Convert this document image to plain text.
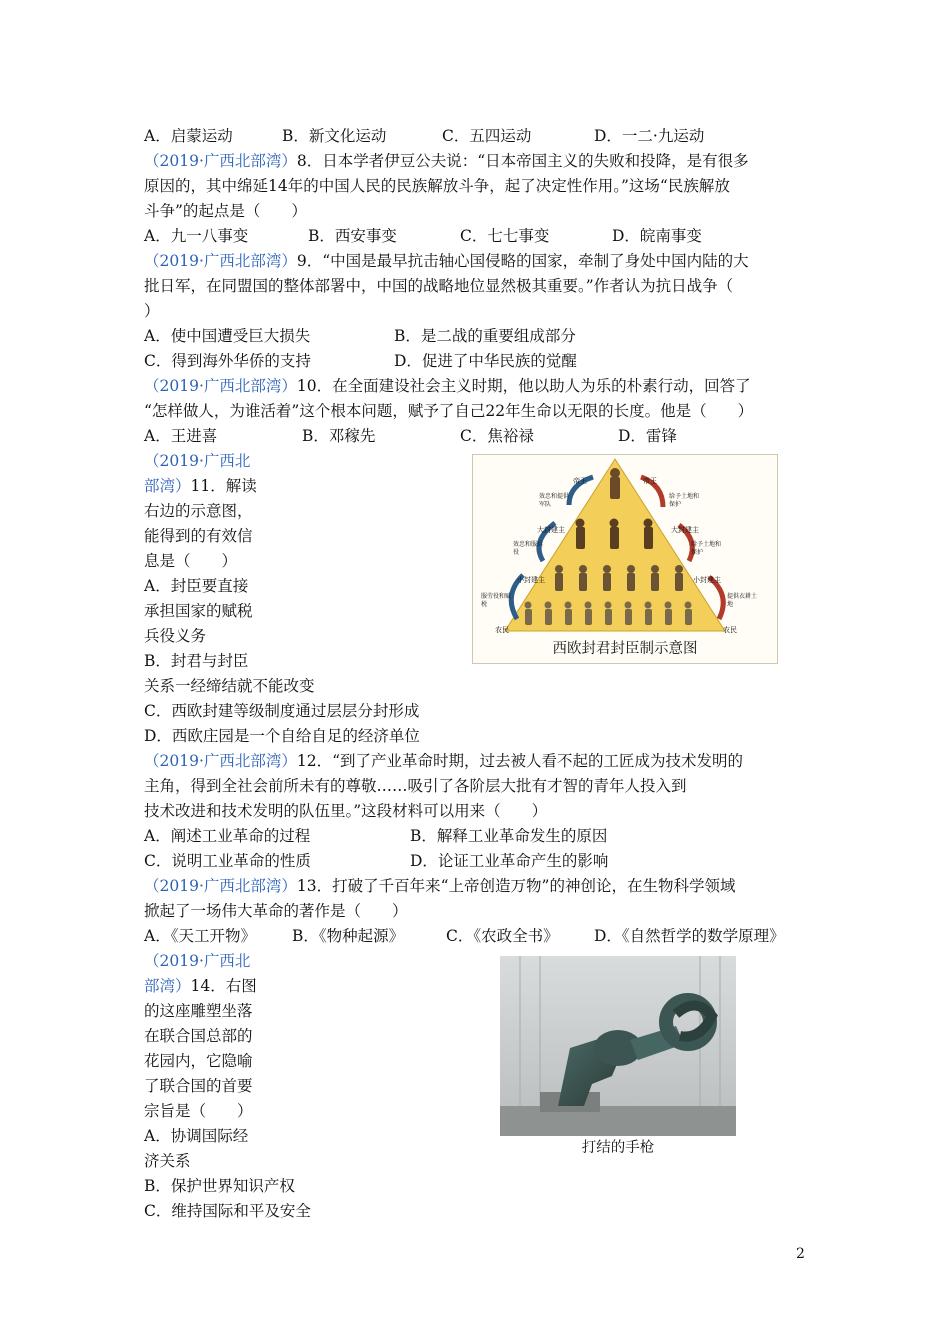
A．启蒙运动	B．新文化运动	C．五四运动	D．一二·九运动
（2019·广西北部湾）8．日本学者伊豆公夫说：“日本帝国主义的失败和投降，是有很多
原因的，其中绵延14年的中国人民的民族解放斗争，起了决定性作用。”这场“民族解放
斗争”的起点是（　　）
A．九一八事变	B．西安事变	C．七七事变	D．皖南事变
（2019·广西北部湾）9．“中国是最早抗击轴心国侵略的国家，牵制了身处中国内陆的大
批日军，在同盟国的整体部署中，中国的战略地位显然极其重要。”作者认为抗日战争（
）
A．使中国遭受巨大损失	B．是二战的重要组成部分
C．得到海外华侨的支持	D．促进了中华民族的觉醒
（2019·广西北部湾）10．在全面建设社会主义时期，他以助人为乐的朴素行动，回答了
“怎样做人，为谁活着”这个根本问题，赋予了自己22年生命以无限的长度。他是（　　）
A．王进喜	B．邓稼先	C．焦裕禄	D．雷锋
（2019·广西北
部湾）11．解读
右边的示意图，
能得到的有效信
息是（　　）
A．封臣要直接
承担国家的赋税
兵役义务
B．封君与封臣
关系一经缔结就不能改变
C．西欧封建等级制度通过层层分封形成
D．西欧庄园是一个自给自足的经济单位
帝王	帝王
大封建主	大封建主
小封建主	小封建主
农民	农民
效忠和提供军队
效忠和服兵役
服劳役和赋税
给予土地和保护
给予土地和保护
提供衣耕土地
西欧封君封臣制示意图
（2019·广西北部湾）12．“到了产业革命时期，过去被人看不起的工匠成为技术发明的
主角，得到全社会前所未有的尊敬……吸引了各阶层大批有才智的青年人投入到
技术改进和技术发明的队伍里。”这段材料可以用来（　　）
A．阐述工业革命的过程	B．解释工业革命发生的原因
C．说明工业革命的性质	D．论证工业革命产生的影响
（2019·广西北部湾）13．打破了千百年来“上帝创造万物”的神创论，在生物科学领域
掀起了一场伟大革命的著作是（　　）
A．《天工开物》 B．《物种起源》	C．《农政全书》 D．《自然哲学的数学原理》
（2019·广西北
部湾）14．右图
的这座雕塑坐落
在联合国总部的
花园内，它隐喻
了联合国的首要
宗旨是（　　）
A．协调国际经
济关系
B．保护世界知识产权
C．维持国际和平及安全
打结的手枪
2
